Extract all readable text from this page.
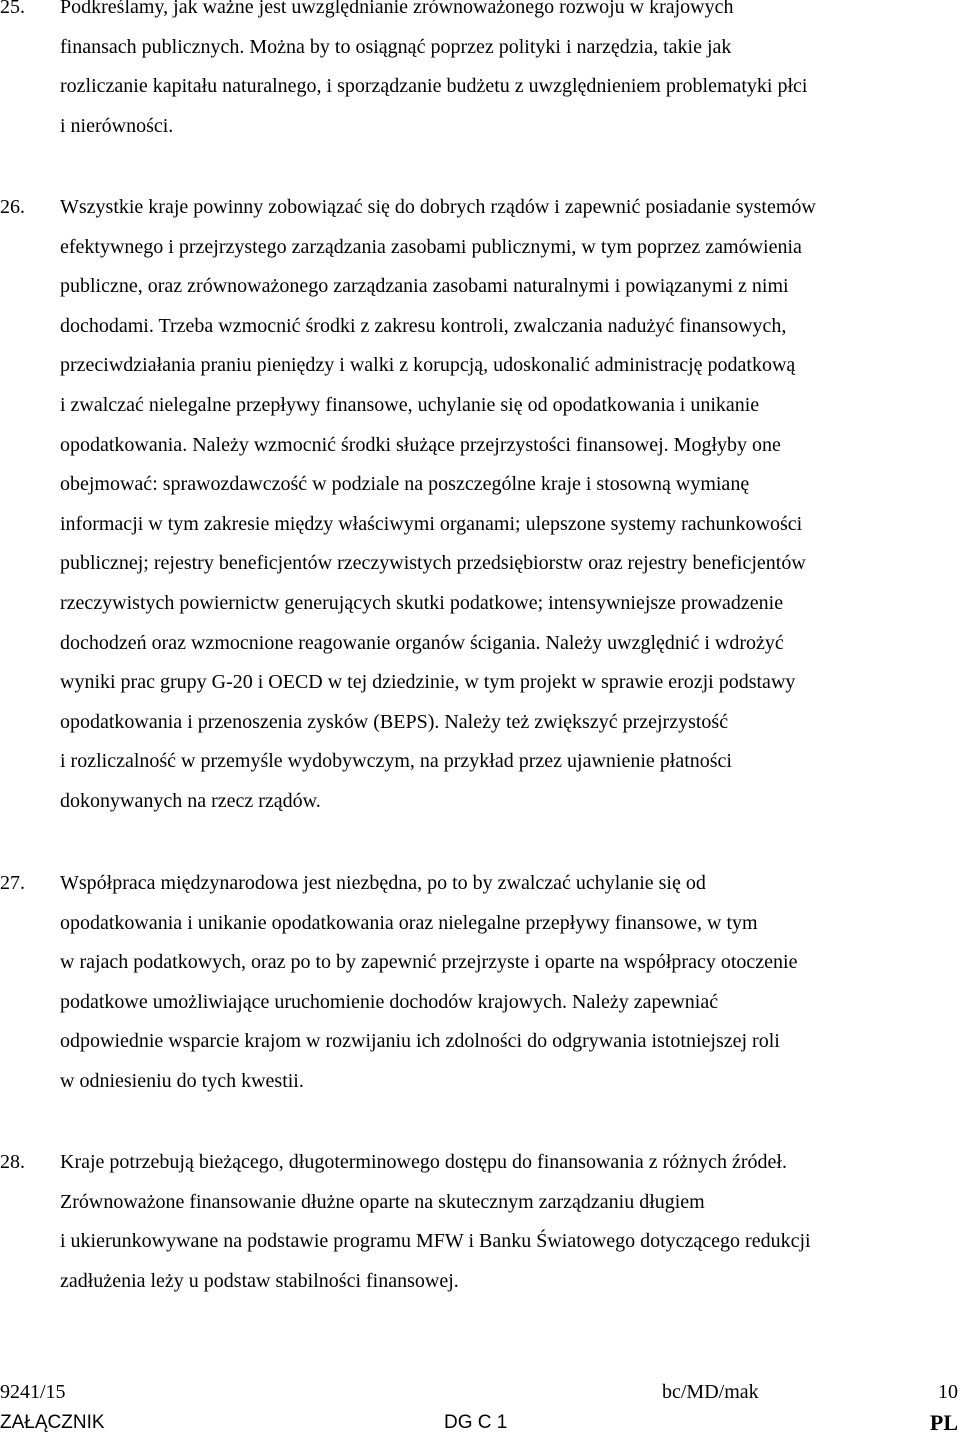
25. Podkreślamy, jak ważne jest uwzględnianie zrównoważonego rozwoju w krajowych
finansach publicznych. Można by to osiągnąć poprzez polityki i narzędzia, takie jak
rozliczanie kapitału naturalnego, i sporządzanie budżetu z uwzględnieniem problematyki płci
i nierówności.
26. Wszystkie kraje powinny zobowiązać się do dobrych rządów i zapewnić posiadanie systemów
efektywnego i przejrzystego zarządzania zasobami publicznymi, w tym poprzez zamówienia
publiczne, oraz zrównoważonego zarządzania zasobami naturalnymi i powiązanymi z nimi
dochodami. Trzeba wzmocnić środki z zakresu kontroli, zwalczania nadużyć finansowych,
przeciwdziałania praniu pieniędzy i walki z korupcją, udoskonalić administrację podatkową
i zwalczać nielegalne przepływy finansowe, uchylanie się od opodatkowania i unikanie
opodatkowania. Należy wzmocnić środki służące przejrzystości finansowej. Mogłyby one
obejmować: sprawozdawczość w podziale na poszczególne kraje i stosowną wymianę
informacji w tym zakresie między właściwymi organami; ulepszone systemy rachunkowości
publicznej; rejestry beneficjentów rzeczywistych przedsiębiorstw oraz rejestry beneficjentów
rzeczywistych powiernictw generujących skutki podatkowe; intensywniejsze prowadzenie
dochodzeń oraz wzmocnione reagowanie organów ścigania. Należy uwzględnić i wdrożyć
wyniki prac grupy G-20 i OECD w tej dziedzinie, w tym projekt w sprawie erozji podstawy
opodatkowania i przenoszenia zysków (BEPS). Należy też zwiększyć przejrzystość
i rozliczalność w przemyśle wydobywczym, na przykład przez ujawnienie płatności
dokonywanych na rzecz rządów.
27. Współpraca międzynarodowa jest niezbędna, po to by zwalczać uchylanie się od
opodatkowania i unikanie opodatkowania oraz nielegalne przepływy finansowe, w tym
w rajach podatkowych, oraz po to by zapewnić przejrzyste i oparte na współpracy otoczenie
podatkowe umożliwiające uruchomienie dochodów krajowych. Należy zapewniać
odpowiednie wsparcie krajom w rozwijaniu ich zdolności do odgrywania istotniejszej roli
w odniesieniu do tych kwestii.
28. Kraje potrzebują bieżącego, długoterminowego dostępu do finansowania z różnych źródeł.
Zrównoważone finansowanie dłużne oparte na skutecznym zarządzaniu długiem
i ukierunkowywane na podstawie programu MFW i Banku Światowego dotyczącego redukcji
zadłużenia leży u podstaw stabilności finansowej.
9241/15	bc/MD/mak	10
ZAŁĄCZNIK	DG C 1	PL
